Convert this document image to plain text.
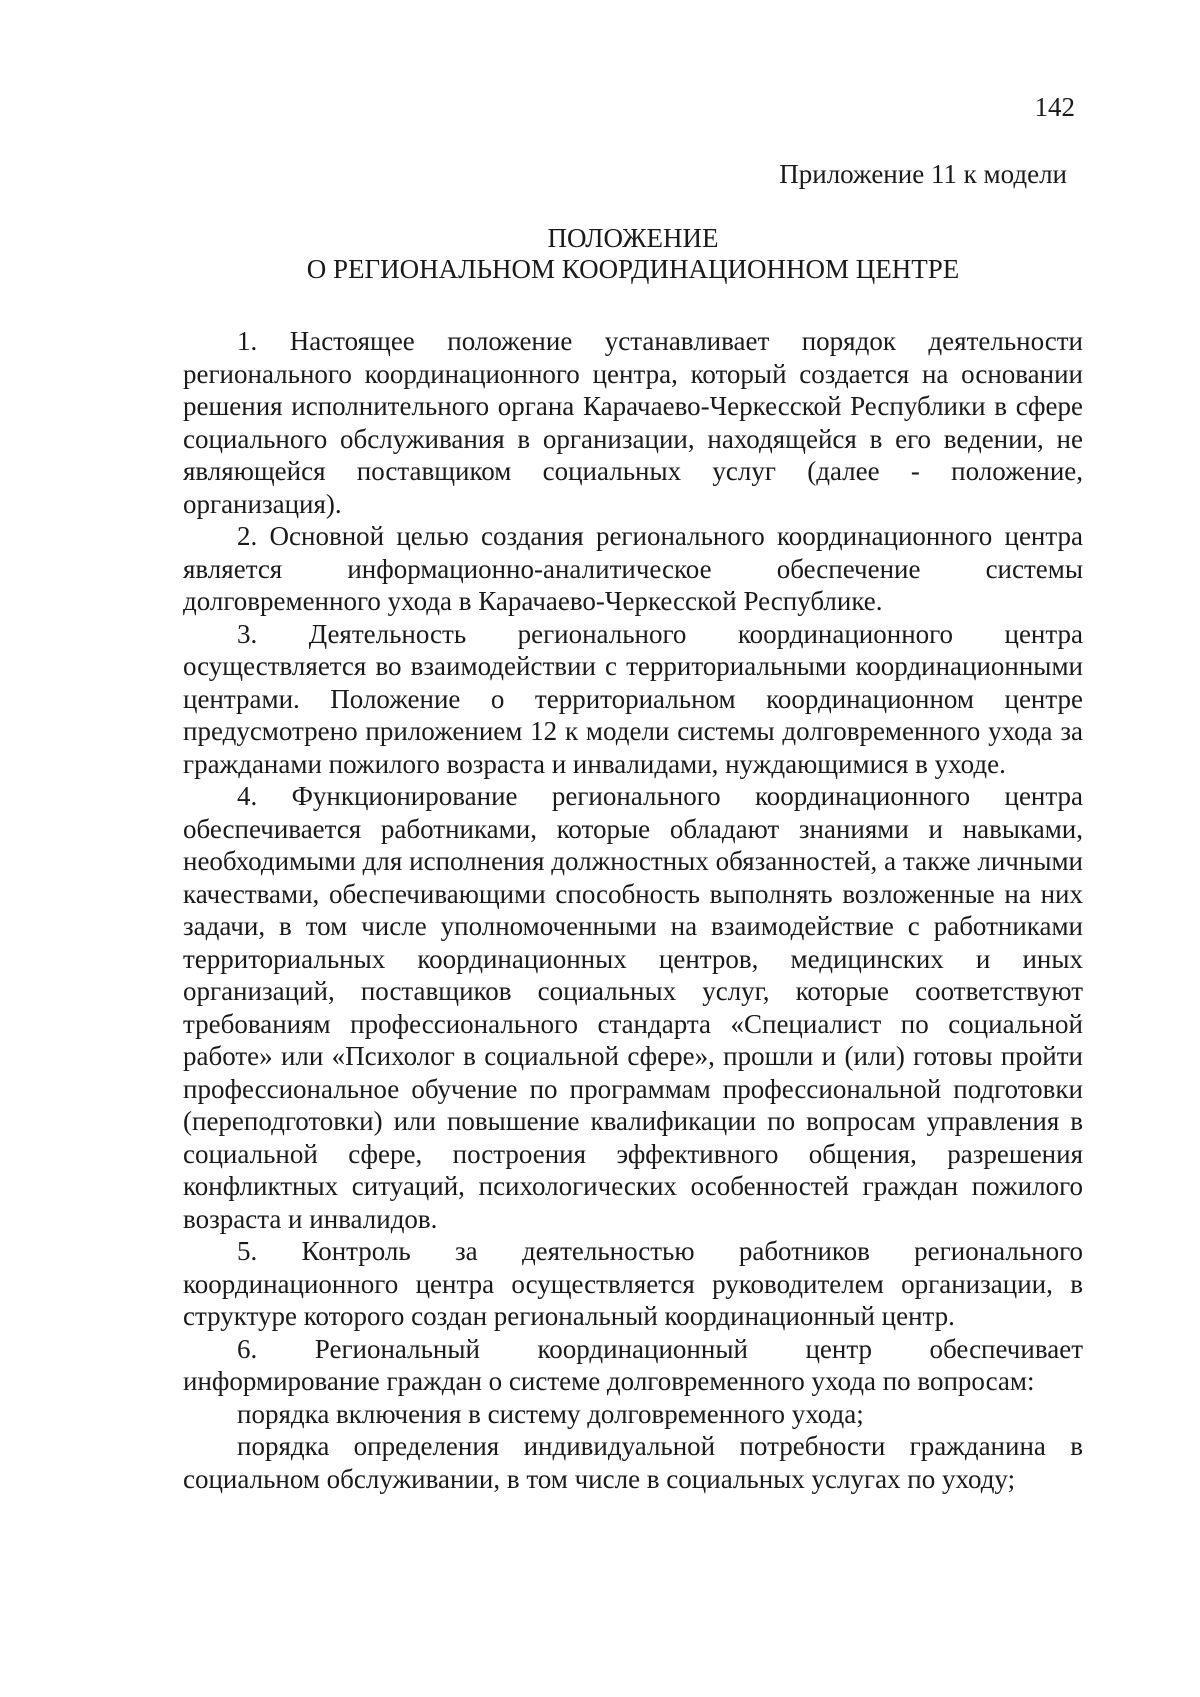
142
Приложение 11 к модели
ПОЛОЖЕНИЕ
О РЕГИОНАЛЬНОМ КООРДИНАЦИОННОМ ЦЕНТРЕ

1. Настоящее положение устанавливает порядок деятельности регионального координационного центра, который создается на основании решения исполнительного органа Карачаево-Черкесской Республики в сфере социального обслуживания в организации, находящейся в его ведении, не являющейся поставщиком социальных услуг (далее - положение, организация).

2. Основной целью создания регионального координационного центра является информационно-аналитическое обеспечение системы долговременного ухода в Карачаево-Черкесской Республике.

3. Деятельность регионального координационного центра осуществляется во взаимодействии с территориальными координационными центрами. Положение о территориальном координационном центре предусмотрено приложением 12 к модели системы долговременного ухода за гражданами пожилого возраста и инвалидами, нуждающимися в уходе.

4. Функционирование регионального координационного центра обеспечивается работниками, которые обладают знаниями и навыками, необходимыми для исполнения должностных обязанностей, а также личными качествами, обеспечивающими способность выполнять возложенные на них задачи, в том числе уполномоченными на взаимодействие с работниками территориальных координационных центров, медицинских и иных организаций, поставщиков социальных услуг, которые соответствуют требованиям профессионального стандарта «Специалист по социальной работе» или «Психолог в социальной сфере», прошли и (или) готовы пройти профессиональное обучение по программам профессиональной подготовки (переподготовки) или повышение квалификации по вопросам управления в социальной сфере, построения эффективного общения, разрешения конфликтных ситуаций, психологических особенностей граждан пожилого возраста и инвалидов.

5. Контроль за деятельностью работников регионального координационного центра осуществляется руководителем организации, в структуре которого создан региональный координационный центр.

6. Региональный координационный центр обеспечивает информирование граждан о системе долговременного ухода по вопросам:

порядка включения в систему долговременного ухода;

порядка определения индивидуальной потребности гражданина в социальном обслуживании, в том числе в социальных услугах по уходу;
